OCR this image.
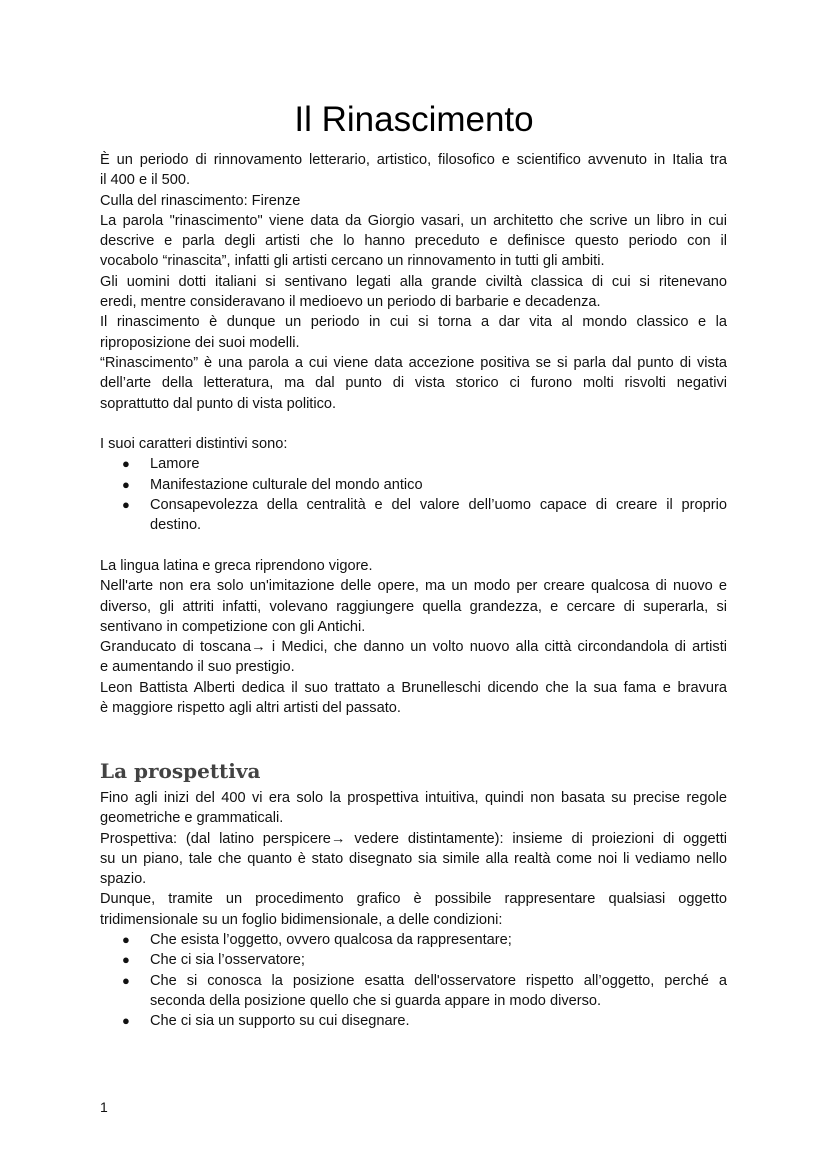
Il Rinascimento
È un periodo di rinnovamento letterario, artistico, filosofico e scientifico avvenuto in Italia tra
il 400 e il 500.
Culla del rinascimento: Firenze
La parola "rinascimento" viene data da Giorgio vasari, un architetto che scrive un libro in cui
descrive e parla degli artisti che lo hanno preceduto e definisce questo periodo con il
vocabolo “rinascita”, infatti gli artisti cercano un rinnovamento in tutti gli ambiti.
Gli uomini dotti italiani si sentivano legati alla grande civiltà classica di cui si ritenevano
eredi, mentre consideravano il medioevo un periodo di barbarie e decadenza.
Il rinascimento è dunque un periodo in cui si torna a dar vita al mondo classico e la
riproposizione dei suoi modelli.
“Rinascimento” è una parola a cui viene data accezione positiva se si parla dal punto di vista
dell’arte della letteratura, ma dal punto di vista storico ci furono molti risvolti negativi
soprattutto dal punto di vista politico.
I suoi caratteri distintivi sono:
● Lamore
● Manifestazione culturale del mondo antico
● Consapevolezza della centralità e del valore dell’uomo capace di creare il proprio
destino.
La lingua latina e greca riprendono vigore.
Nell'arte non era solo un'imitazione delle opere, ma un modo per creare qualcosa di nuovo e
diverso, gli attriti infatti, volevano raggiungere quella grandezza, e cercare di superarla, si
sentivano in competizione con gli Antichi.
Granducato di toscana→ i Medici, che danno un volto nuovo alla città circondandola di artisti
e aumentando il suo prestigio.
Leon Battista Alberti dedica il suo trattato a Brunelleschi dicendo che la sua fama e bravura
è maggiore rispetto agli altri artisti del passato.
La prospettiva
Fino agli inizi del 400 vi era solo la prospettiva intuitiva, quindi non basata su precise regole
geometriche e grammaticali.
Prospettiva: (dal latino perspicere→ vedere distintamente): insieme di proiezioni di oggetti
su un piano, tale che quanto è stato disegnato sia simile alla realtà come noi li vediamo nello
spazio.
Dunque, tramite un procedimento grafico è possibile rappresentare qualsiasi oggetto
tridimensionale su un foglio bidimensionale, a delle condizioni:
● Che esista l’oggetto, ovvero qualcosa da rappresentare;
● Che ci sia l’osservatore;
● Che si conosca la posizione esatta dell'osservatore rispetto all’oggetto, perché a
seconda della posizione quello che si guarda appare in modo diverso.
● Che ci sia un supporto su cui disegnare.
1
